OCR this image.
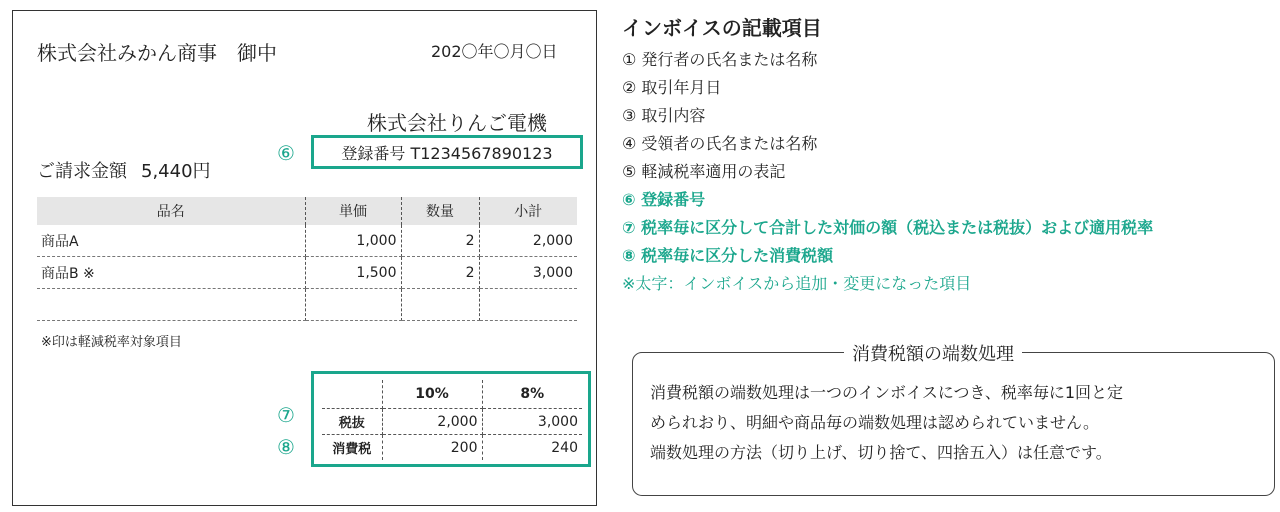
株式会社みかん商事　御中	202〇年〇月〇日
株式会社りんご電機
⑥	登録番号 T1234567890123
ご請求金額 5,440円
品名	単価	数量	小計
商品A	1,000	2	2,000
商品B ※	1,500	2	3,000

※印は軽減税率対象項目
⑦
⑧
	10%	8%
税抜	2,000	3,000
消費税	200	240
インボイスの記載項目
① 発行者の氏名または名称
② 取引年月日
③ 取引内容
④ 受領者の氏名または名称
⑤ 軽減税率適用の表記
⑥ 登録番号
⑦ 税率毎に区分して合計した対価の額（税込または税抜）および適用税率
⑧ 税率毎に区分した消費税額
※太字：インボイスから追加・変更になった項目
消費税額の端数処理
消費税額の端数処理は一つのインボイスにつき、税率毎に1回と定
められおり、明細や商品毎の端数処理は認められていません。
端数処理の方法（切り上げ、切り捨て、四捨五入）は任意です。
